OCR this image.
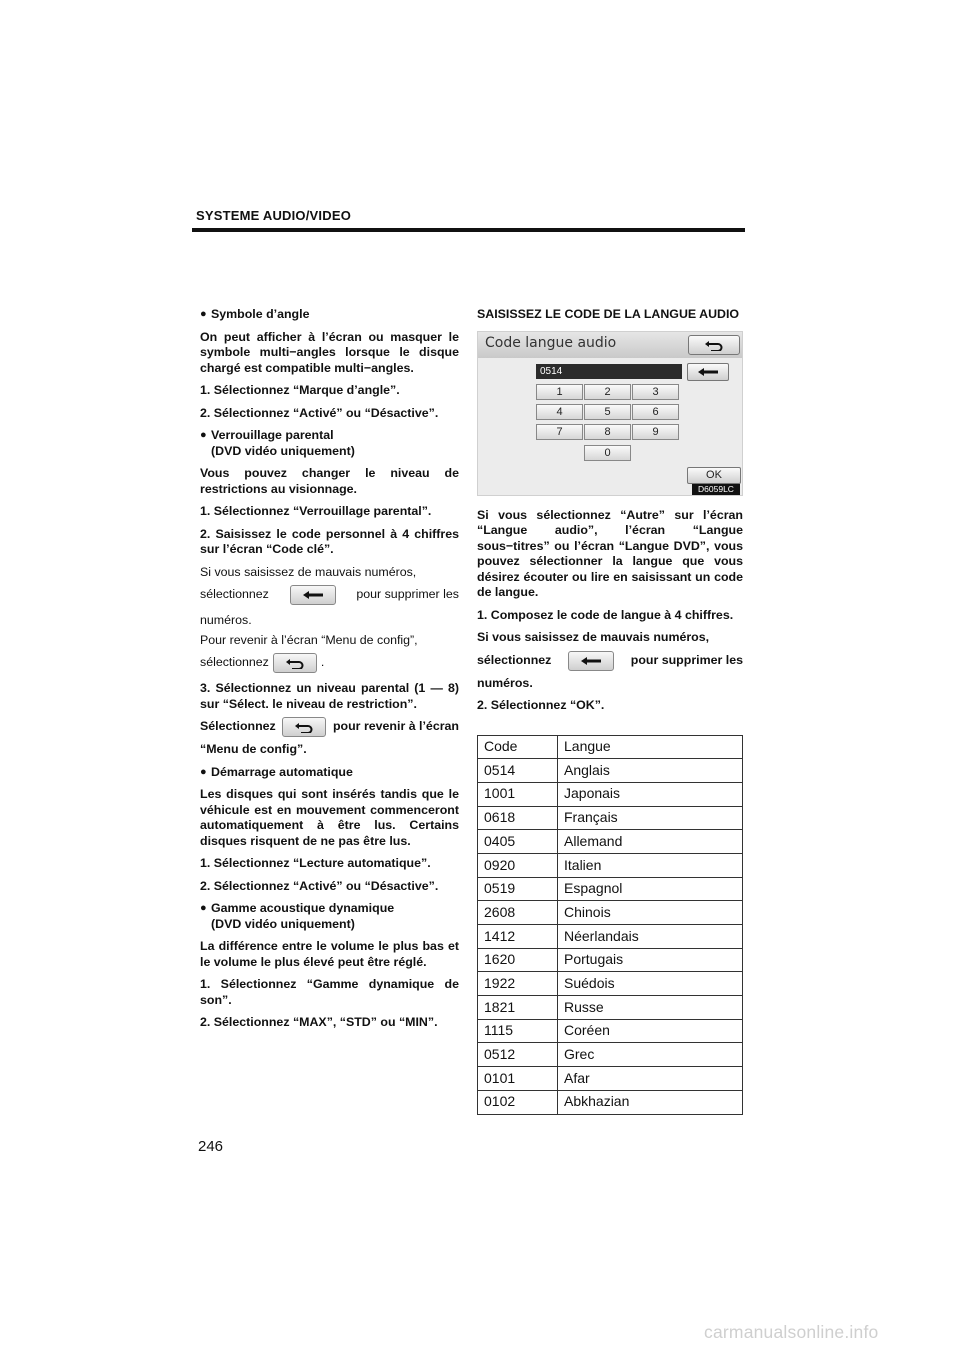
SYSTEME AUDIO/VIDEO
● Symbole d’angle

On peut afficher à l’écran ou masquer le symbole multi−angles lorsque le disque chargé est compatible multi−angles.

1. Sélectionnez “Marque d’angle”.

2. Sélectionnez “Activé” ou “Désactive”.

● Verrouillage parental
(DVD vidéo uniquement)

Vous pouvez changer le niveau de restrictions au visionnage.

1. Sélectionnez “Verrouillage parental”.

2. Saisissez le code personnel à 4 chiffres sur l’écran “Code clé”.

Si vous saisissez de mauvais numéros,

sélectionnez	pour supprimer les

numéros.

Pour revenir à l’écran “Menu de config”,

sélectionnez	.

3. Sélectionnez un niveau parental (1 — 8) sur “Sélect. le niveau de restriction”.

Sélectionnez	pour revenir à l’écran

“Menu de config”.

● Démarrage automatique

Les disques qui sont insérés tandis que le véhicule est en mouvement commenceront automatiquement à être lus. Certains disques risquent de ne pas être lus.

1. Sélectionnez “Lecture automatique”.

2. Sélectionnez “Activé” ou “Désactive”.

● Gamme acoustique dynamique
(DVD vidéo uniquement)

La différence entre le volume le plus bas et le volume le plus élevé peut être réglé.

1. Sélectionnez “Gamme dynamique de son”.

2. Sélectionnez “MAX”, “STD” ou “MIN”.

SAISISSEZ LE CODE DE LA LANGUE AUDIO
Code langue audio
0514
1	2	3
4	5	6
7	8	9
0
OK
D6059LC

Si vous sélectionnez “Autre” sur l’écran “Langue audio”, l’écran “Langue sous−titres” ou l’écran “Langue DVD”, vous pouvez sélectionner la langue que vous désirez écouter ou lire en saisissant un code de langue.

1. Composez le code de langue à 4 chiffres.

Si vous saisissez de mauvais numéros,

sélectionnez	pour supprimer les

numéros.

2. Sélectionnez “OK”.

Code	Langue
0514	Anglais
1001	Japonais
0618	Français
0405	Allemand
0920	Italien
0519	Espagnol
2608	Chinois
1412	Néerlandais
1620	Portugais
1922	Suédois
1821	Russe
1115	Coréen
0512	Grec
0101	Afar
0102	Abkhazian
246
carmanualsonline.info
